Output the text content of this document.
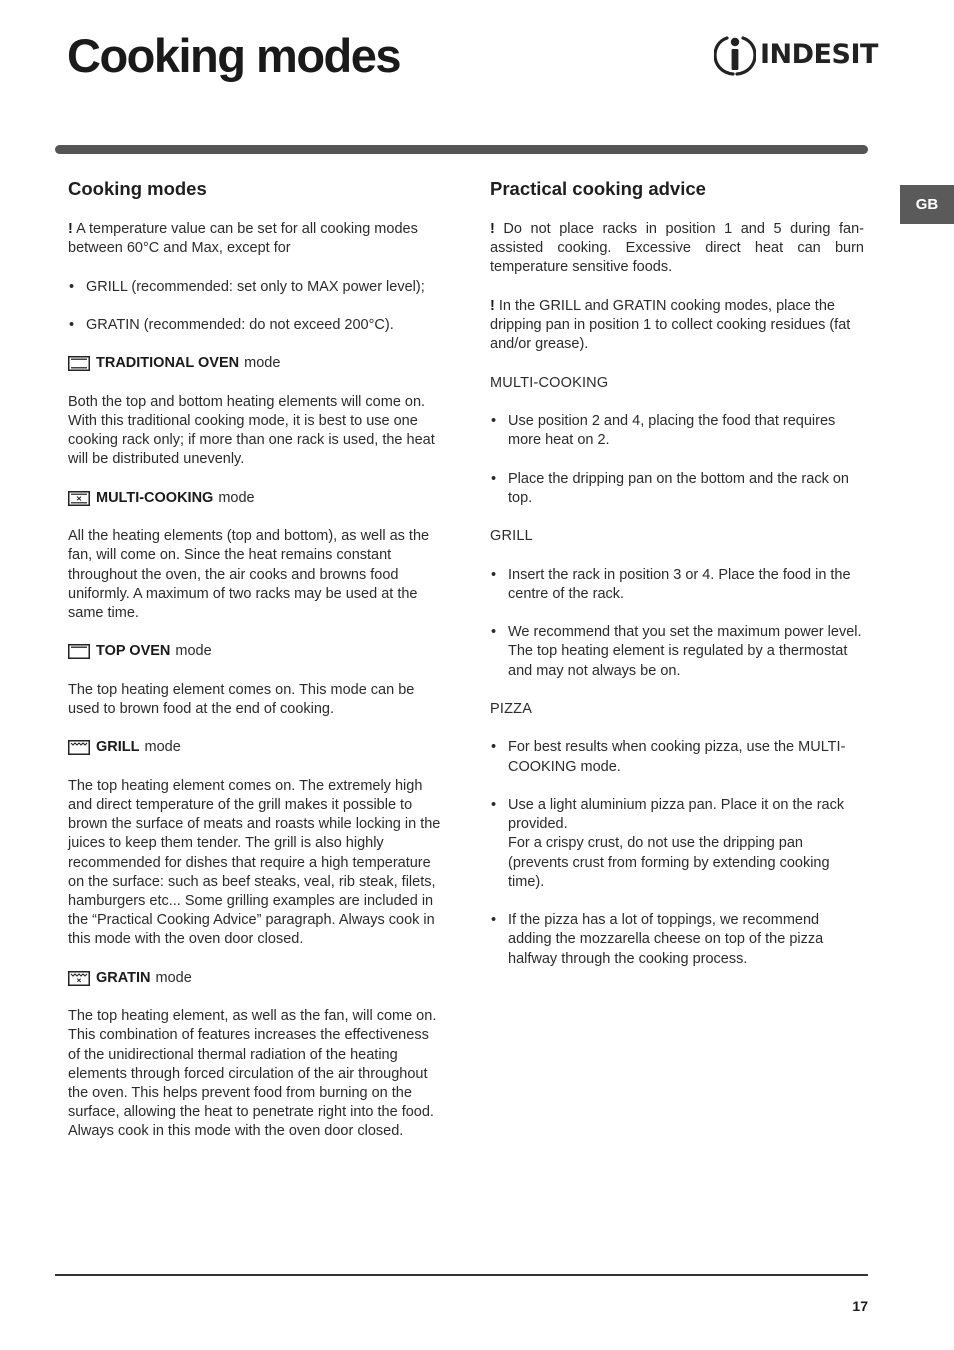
Cooking modes	INDESIT
GB
Cooking modes

! A temperature value can be set for all cooking modes between 60°C and Max, except for

• GRILL (recommended: set only to MAX power level);
• GRATIN (recommended: do not exceed 200°C).
TRADITIONAL OVEN mode

Both the top and bottom heating elements will come on. With this traditional cooking mode, it is best to use one cooking rack only; if more than one rack is used, the heat will be distributed unevenly.

MULTI-COOKING mode

All the heating elements (top and bottom), as well as the fan, will come on. Since the heat remains constant throughout the oven, the air cooks and browns food uniformly. A maximum of two racks may be used at the same time.

TOP OVEN mode

The top heating element comes on. This mode can be used to brown food at the end of cooking.

GRILL mode

The top heating element comes on. The extremely high and direct temperature of the grill makes it possible to brown the surface of meats and roasts while locking in the juices to keep them tender. The grill is also highly recommended for dishes that require a high temperature on the surface: such as beef steaks, veal, rib steak, filets, hamburgers etc... Some grilling examples are included in the “Practical Cooking Advice” paragraph. Always cook in this mode with the oven door closed.

GRATIN mode

The top heating element, as well as the fan, will come on. This combination of features increases the effectiveness of the unidirectional thermal radiation of the heating elements through forced circulation of the air throughout the oven. This helps prevent food from burning on the surface, allowing the heat to penetrate right into the food. Always cook in this mode with the oven door closed.

Practical cooking advice

! Do not place racks in position 1 and 5 during fan-assisted cooking. Excessive direct heat can burn temperature sensitive foods.

! In the GRILL and GRATIN cooking modes, place the dripping pan in position 1 to collect cooking residues (fat and/or grease).

MULTI-COOKING
• Use position 2 and 4, placing the food that requires more heat on 2.
• Place the dripping pan on the bottom and the rack on top.
GRILL
• Insert the rack in position 3 or 4. Place the food in the centre of the rack.
• We recommend that you set the maximum power level. The top heating element is regulated by a thermostat and may not always be on.
PIZZA
• For best results when cooking pizza, use the MULTI-COOKING mode.
• Use a light aluminium pizza pan. Place it on the rack provided.
For a crispy crust, do not use the dripping pan (prevents crust from forming by extending cooking time).
• If the pizza has a lot of toppings, we recommend adding the mozzarella cheese on top of the pizza halfway through the cooking process.
17
